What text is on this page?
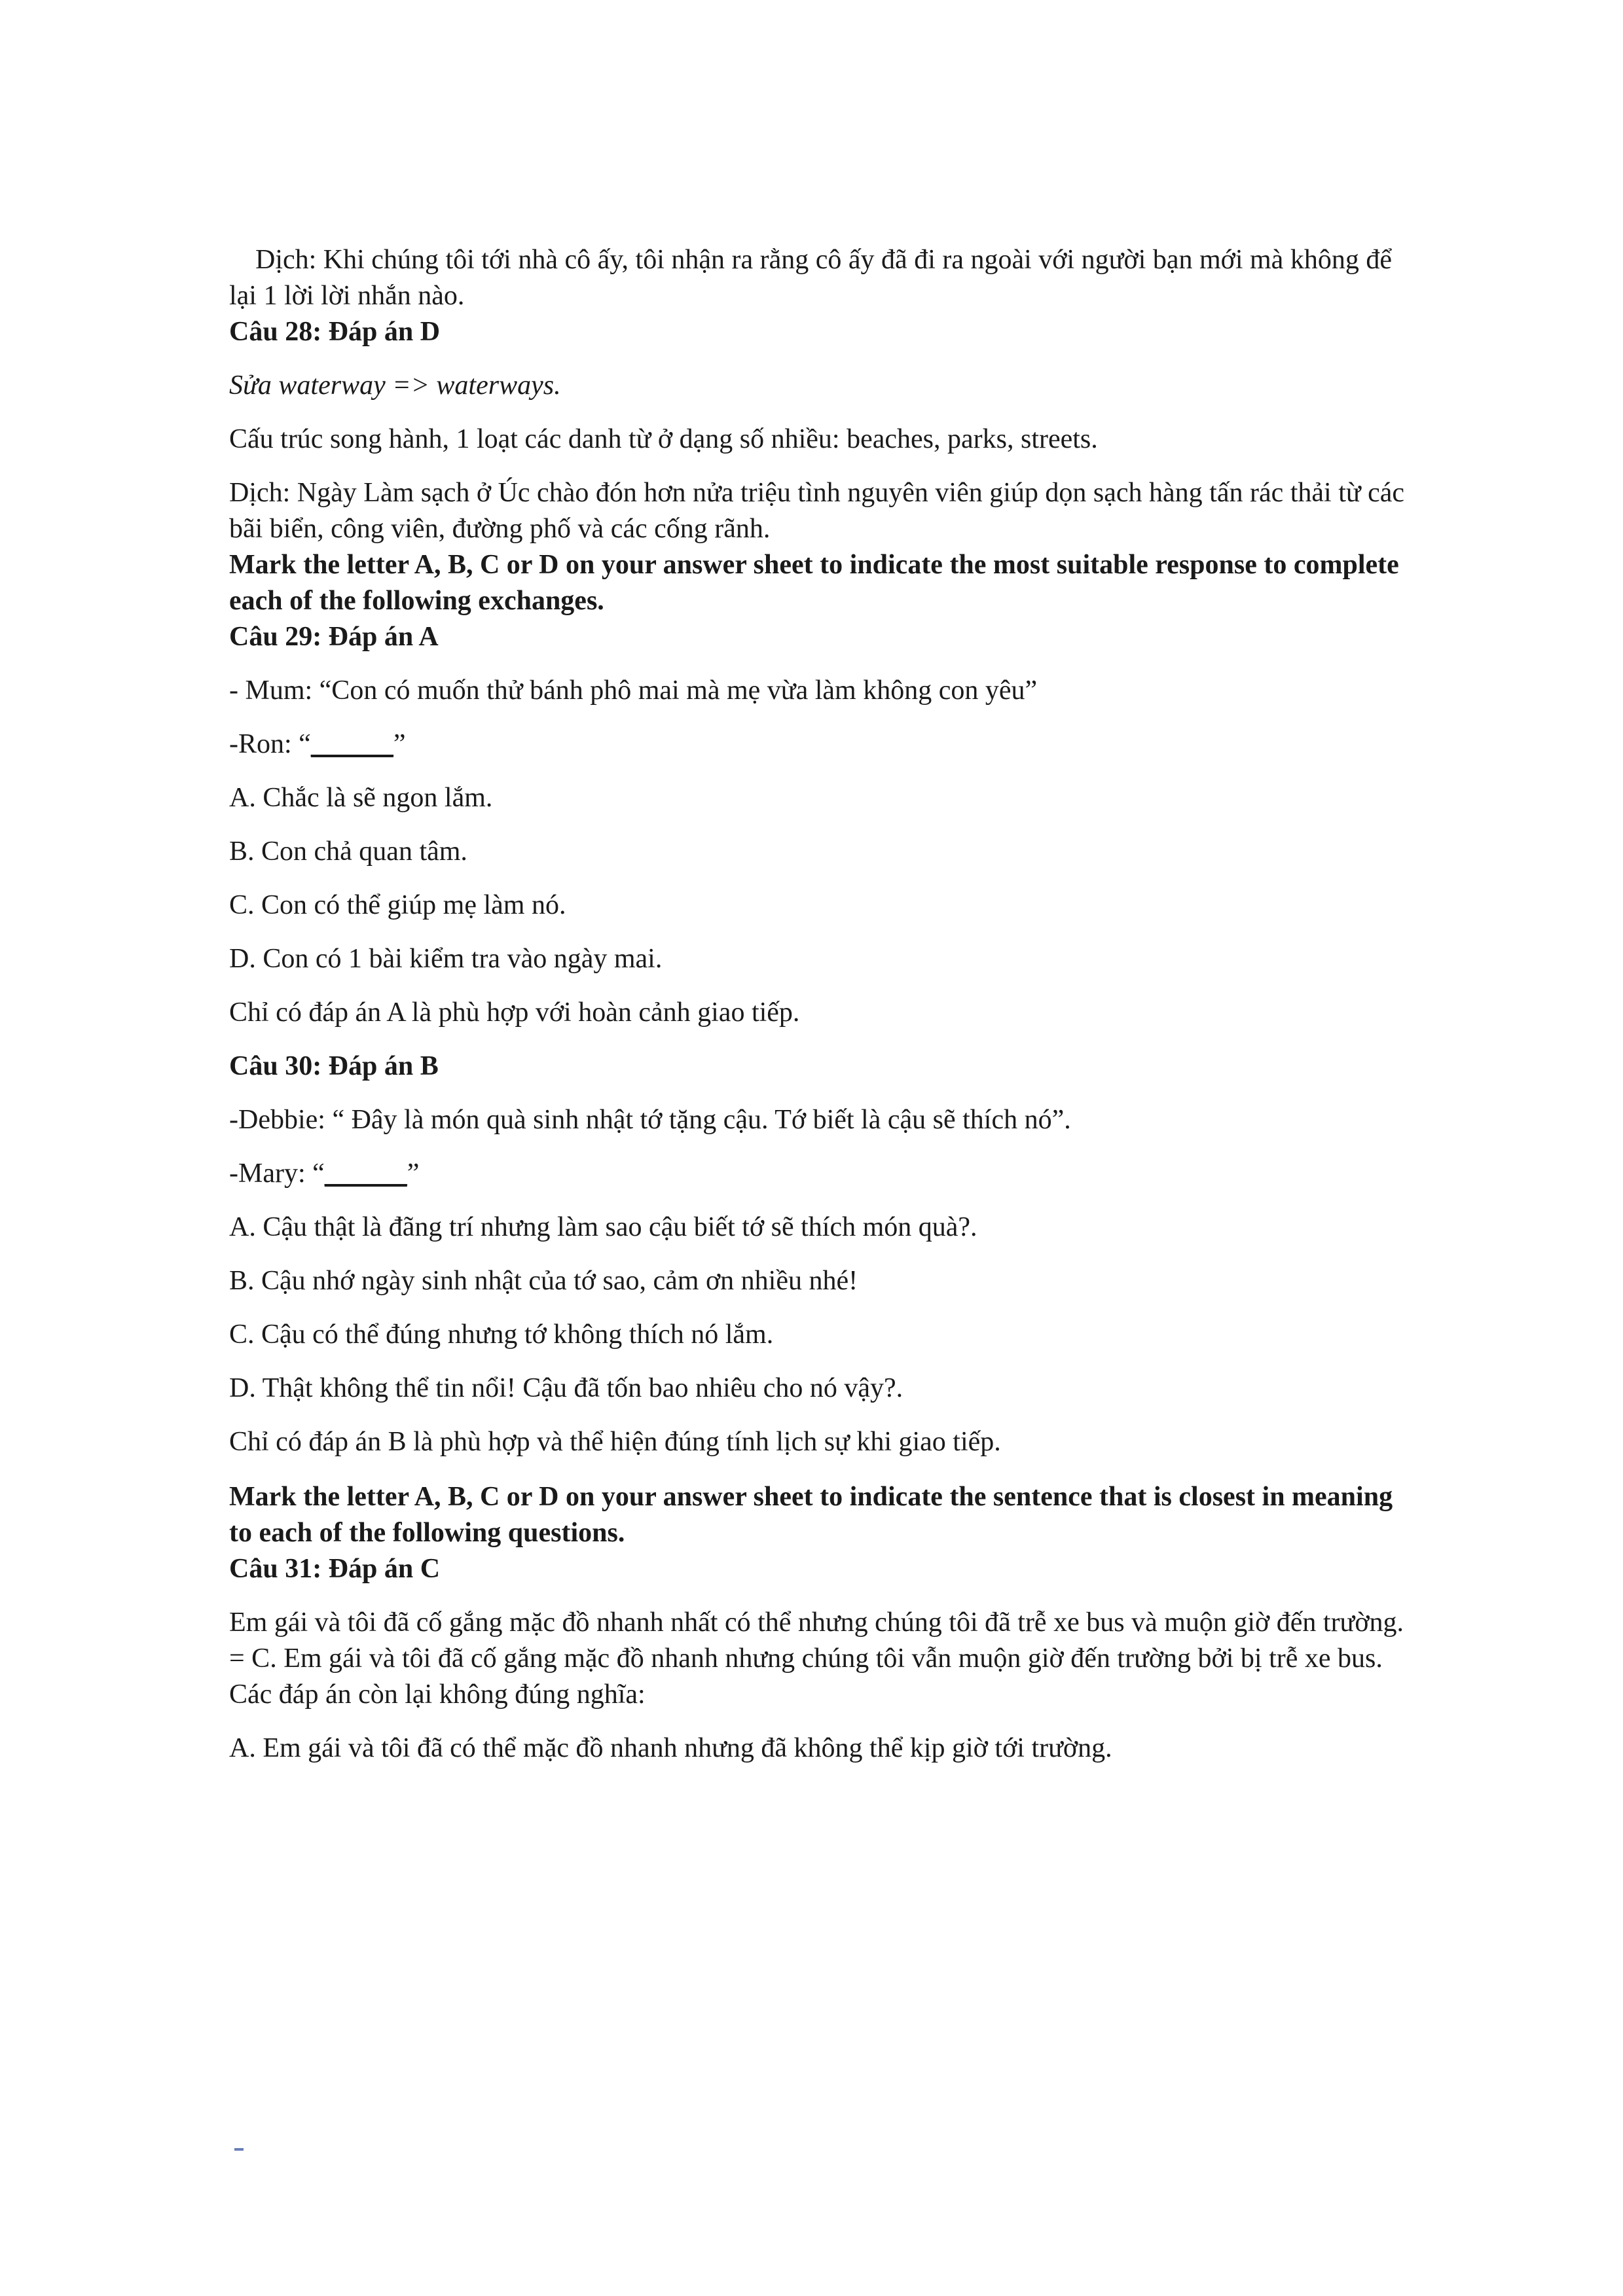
Dịch: Khi chúng tôi tới nhà cô ấy, tôi nhận ra rằng cô ấy đã đi ra ngoài với người bạn mới mà không để lại 1 lời lời nhắn nào.

Câu 28: Đáp án D

Sửa waterway => waterways.

Cấu trúc song hành, 1 loạt các danh từ ở dạng số nhiều: beaches, parks, streets.

Dịch: Ngày Làm sạch ở Úc chào đón hơn nửa triệu tình nguyên viên giúp dọn sạch hàng tấn rác thải từ các bãi biển, công viên, đường phố và các cống rãnh.

Mark the letter A, B, C or D on your answer sheet to indicate the most suitable response to complete each of the following exchanges.

Câu 29: Đáp án A

- Mum: “Con có muốn thử bánh phô mai mà mẹ vừa làm không con yêu”

-Ron: “______”

A. Chắc là sẽ ngon lắm.

B. Con chả quan tâm.

C. Con có thể giúp mẹ làm nó.

D. Con có 1 bài kiểm tra vào ngày mai.

Chỉ có đáp án A là phù hợp với hoàn cảnh giao tiếp.

Câu 30: Đáp án B

-Debbie: “ Đây là món quà sinh nhật tớ tặng cậu. Tớ biết là cậu sẽ thích nó”.

-Mary: “______”

A. Cậu thật là đãng trí nhưng làm sao cậu biết tớ sẽ thích món quà?.

B. Cậu nhớ ngày sinh nhật của tớ sao, cảm ơn nhiều nhé!

C. Cậu có thể đúng nhưng tớ không thích nó lắm.

D. Thật không thể tin nổi! Cậu đã tốn bao nhiêu cho nó vậy?.

Chỉ có đáp án B là phù hợp và thể hiện đúng tính lịch sự khi giao tiếp.

Mark the letter A, B, C or D on your answer sheet to indicate the sentence that is closest in meaning to each of the following questions.

Câu 31: Đáp án C

Em gái và tôi đã cố gắng mặc đồ nhanh nhất có thể nhưng chúng tôi đã trễ xe bus và muộn giờ đến trường.

= C. Em gái và tôi đã cố gắng mặc đồ nhanh nhưng chúng tôi vẫn muộn giờ đến trường bởi bị trễ xe bus.

Các đáp án còn lại không đúng nghĩa:

A. Em gái và tôi đã có thể mặc đồ nhanh nhưng đã không thể kịp giờ tới trường.
